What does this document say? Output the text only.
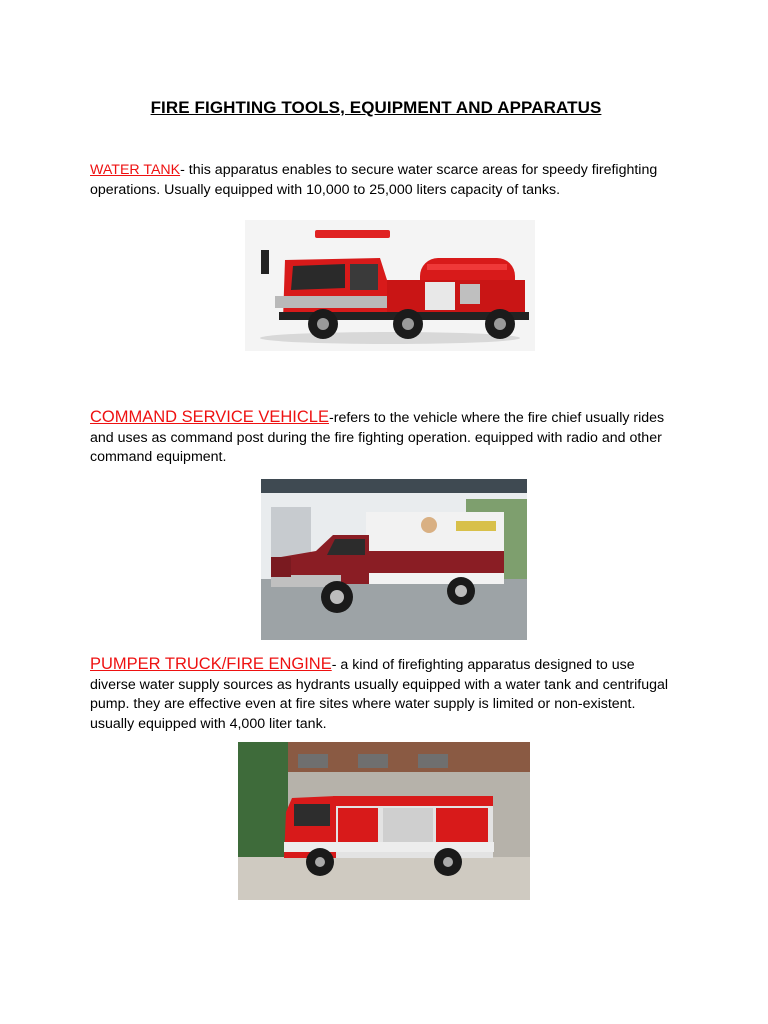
FIRE FIGHTING TOOLS, EQUIPMENT AND APPARATUS
WATER TANK- this apparatus enables to secure water scarce areas for speedy firefighting operations. Usually equipped with 10,000 to 25,000 liters capacity of tanks.
COMMAND SERVICE VEHICLE-refers to the vehicle where the fire chief usually rides and uses as command post during the fire fighting operation. equipped with radio and other command equipment.
PUMPER TRUCK/FIRE ENGINE- a kind of firefighting apparatus designed to use diverse water supply sources as hydrants usually equipped with a water tank and centrifugal pump. they are effective even at fire sites where water supply is limited or non-existent. usually equipped with 4,000 liter tank.
